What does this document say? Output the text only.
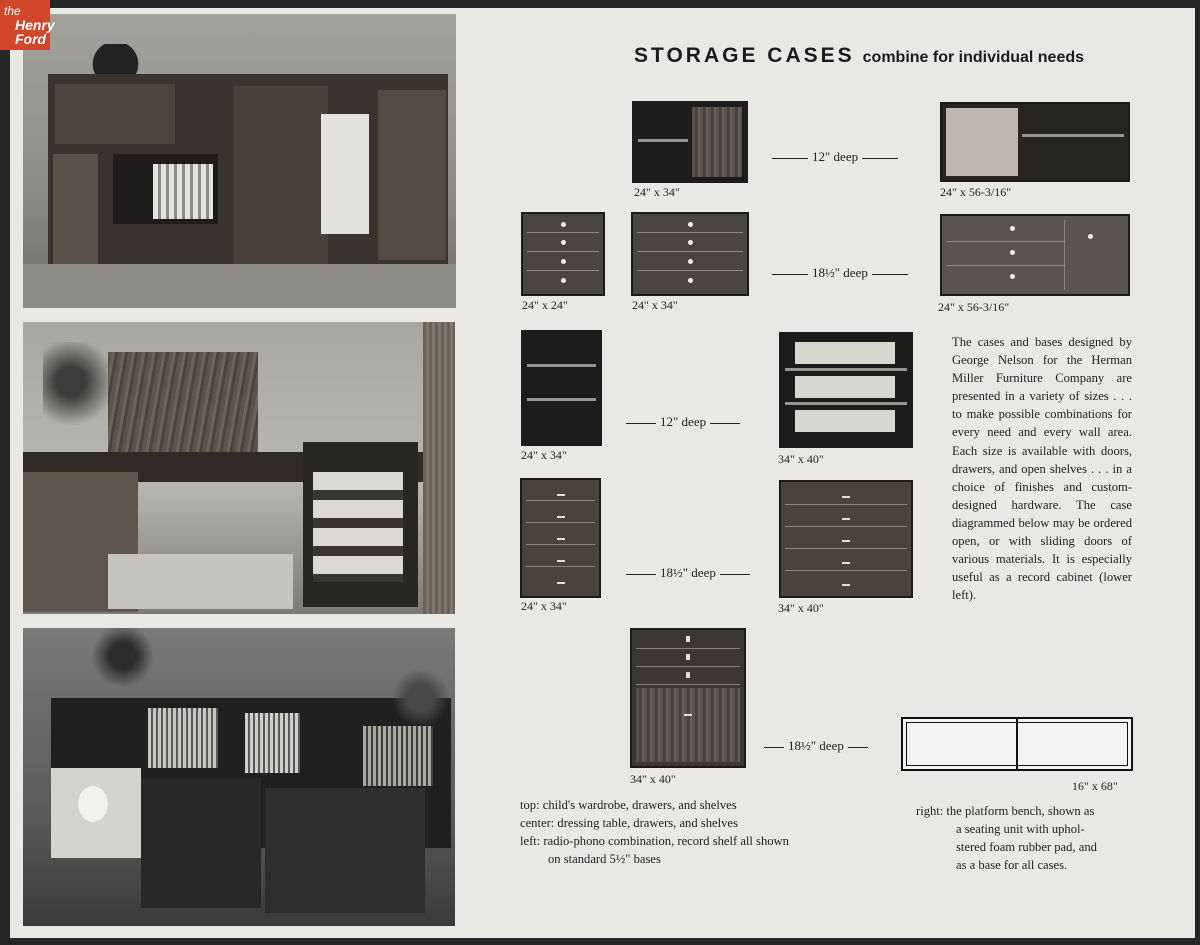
the
Henry
Ford
STORAGE CASES combine for individual needs
24" x 34"
12" deep
24" x 56-3/16"
24" x 24"	24" x 34"
18½" deep
24" x 56-3/16"
24" x 34"
12" deep
34" x 40"
24" x 34"
18½" deep
34" x 40"
34" x 40"
18½" deep
16" x 68"
The cases and bases designed by George Nelson for the Herman Miller Furniture Company are presented in a variety of sizes . . . to make possible combinations for every need and every wall area. Each size is available with doors, drawers, and open shelves . . . in a choice of finishes and custom-designed hardware. The case diagrammed below may be ordered open, or with sliding doors of various materials. It is especially useful as a record cabinet (lower left).
top: child's wardrobe, drawers, and shelves
center: dressing table, drawers, and shelves
left: radio-phono combination, record shelf all shown
on standard 5½" bases
right: the platform bench, shown as
a seating unit with uphol-
stered foam rubber pad, and
as a base for all cases.
